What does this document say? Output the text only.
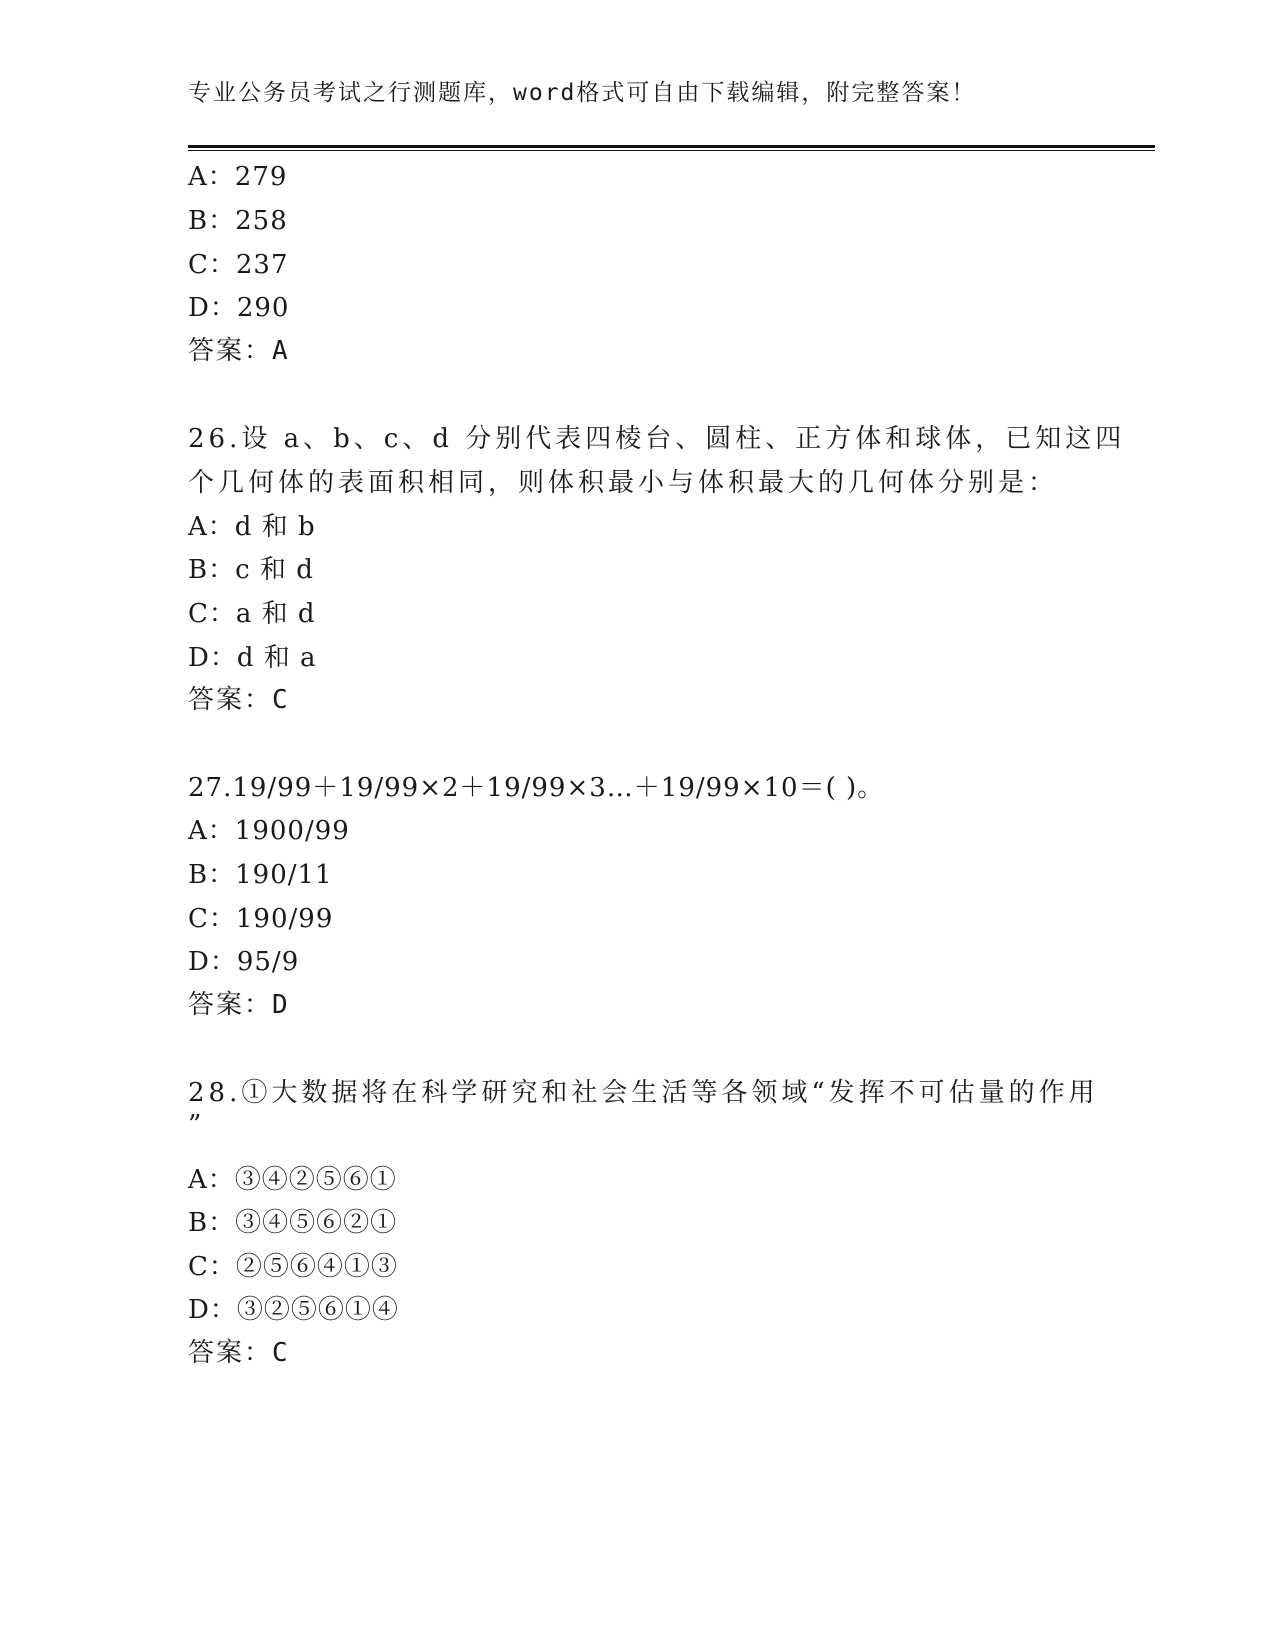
专业公务员考试之行测题库，word格式可自由下载编辑，附完整答案！
A：279
B：258
C：237
D：290
答案：A
26.设 a、b、c、d 分别代表四棱台、圆柱、正方体和球体，已知这四
个几何体的表面积相同，则体积最小与体积最大的几何体分别是：
A：d 和 b
B：c 和 d
C：a 和 d
D：d 和 a
答案：C
27.19/99＋19/99×2＋19/99×3…＋19/99×10＝( )。
A：1900/99
B：190/11
C：190/99
D：95/9
答案：D
28.①大数据将在科学研究和社会生活等各领域“发挥不可估量的作用
”
A：③④②⑤⑥①
B：③④⑤⑥②①
C：②⑤⑥④①③
D：③②⑤⑥①④
答案：C
